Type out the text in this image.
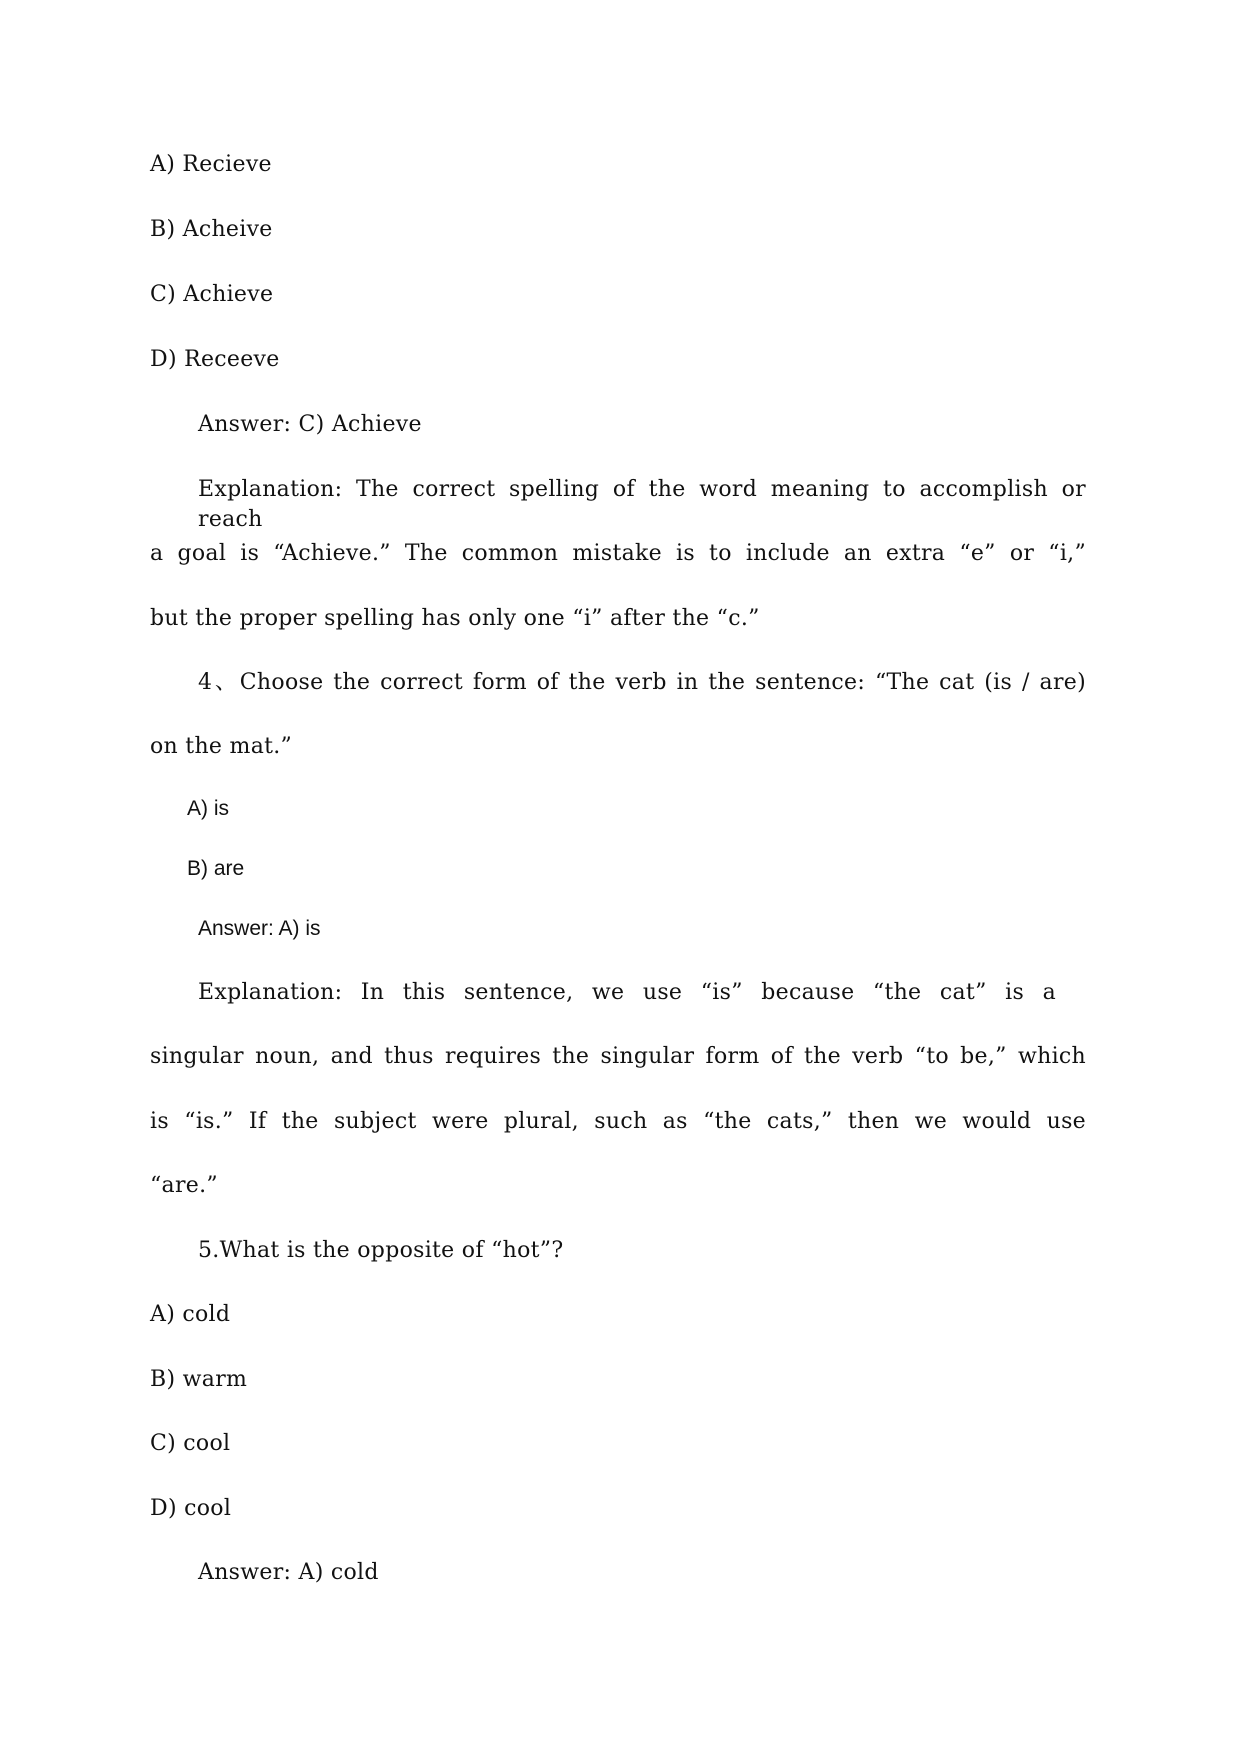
A) Recieve
B) Acheive
C) Achieve
D) Receeve
Answer: C) Achieve
Explanation: The correct spelling of the word meaning to accomplish or reach
a goal is “Achieve.” The common mistake is to include an extra “e” or “i,”
but the proper spelling has only one “i” after the “c.”
4、Choose the correct form of the verb in the sentence: “The cat (is / are)
on the mat.”
A) is
B) are
Answer: A) is
Explanation: In this sentence, we use “is” because “the cat” is a
singular noun, and thus requires the singular form of the verb “to be,” which
is “is.” If the subject were plural, such as “the cats,” then we would use
“are.”
5.What is the opposite of “hot”?
A) cold
B) warm
C) cool
D) cool
Answer: A) cold
